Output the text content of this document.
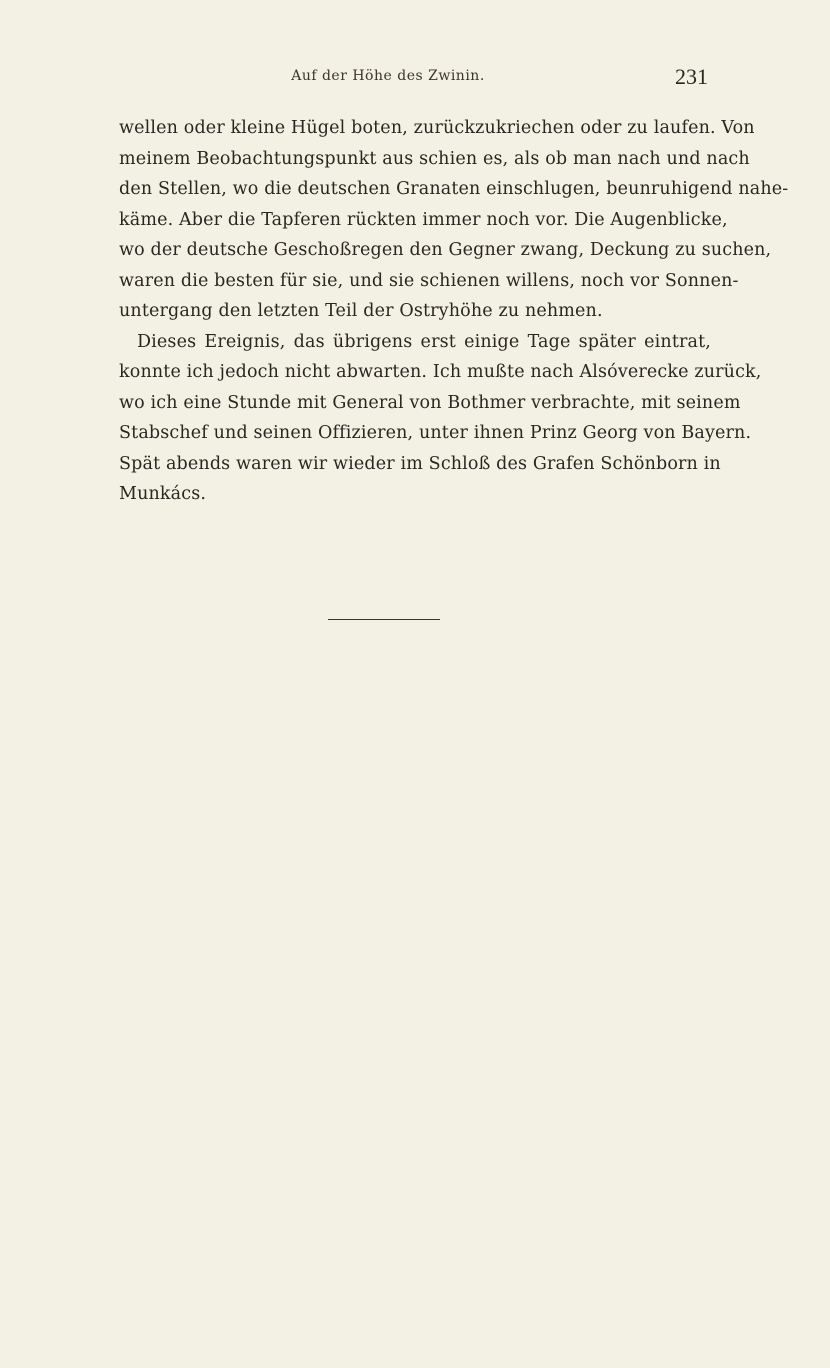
Auf der Höhe des Zwinin.	231
wellen oder kleine Hügel boten, zurückzukriechen oder zu laufen. Von
meinem Beobachtungspunkt aus schien es, als ob man nach und nach
den Stellen, wo die deutschen Granaten einschlugen, beunruhigend nahe-
käme. Aber die Tapferen rückten immer noch vor. Die Augenblicke,
wo der deutsche Geschoßregen den Gegner zwang, Deckung zu suchen,
waren die besten für sie, und sie schienen willens, noch vor Sonnen-
untergang den letzten Teil der Ostryhöhe zu nehmen.
Dieses Ereignis, das übrigens erst einige Tage später eintrat,
konnte ich jedoch nicht abwarten. Ich mußte nach Alsóverecke zurück,
wo ich eine Stunde mit General von Bothmer verbrachte, mit seinem
Stabschef und seinen Offizieren, unter ihnen Prinz Georg von Bayern.
Spät abends waren wir wieder im Schloß des Grafen Schönborn in
Munkács.
